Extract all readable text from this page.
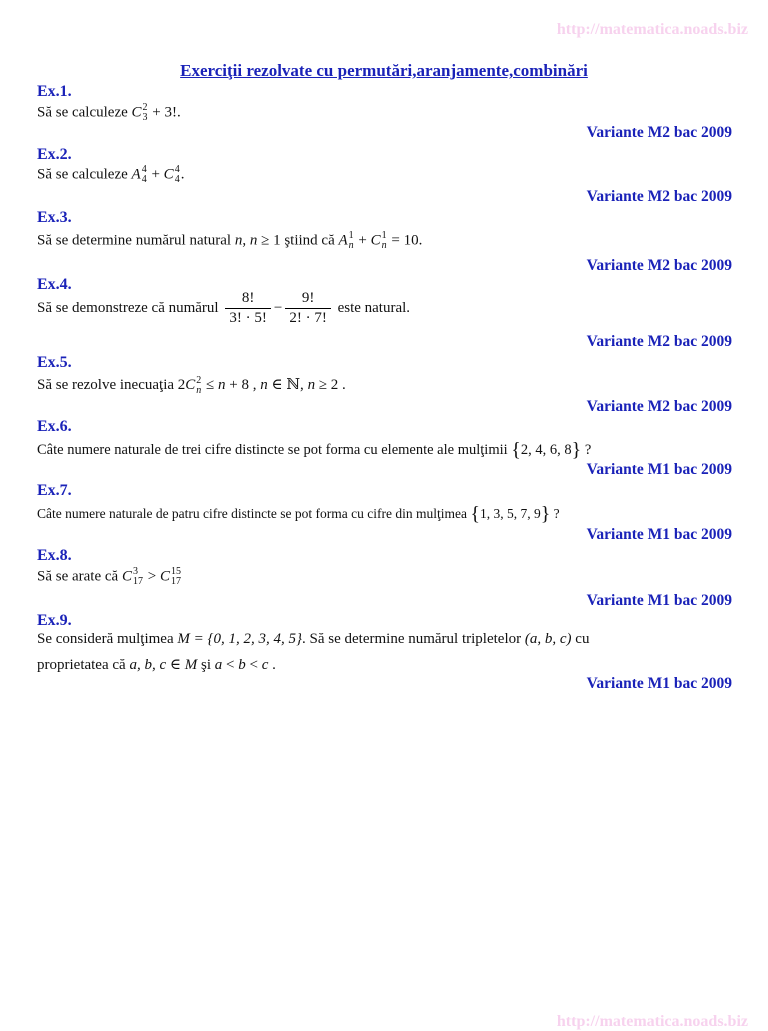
http://matematica.noads.biz
http://matematica.noads.biz
Exerciţii rezolvate cu permutări,aranjamente,combinări
Ex.1.
Să se calculeze C 2
3 + 3!.
Variante M2 bac 2009
Ex.2.
Să se calculeze A 4
4 + C 4
4 .
Variante M2 bac 2009
Ex.3.
Să se determine numărul natural n, n ≥ 1 ştiind că A 1
n + C 1
n = 10.
Variante M2 bac 2009
Ex.4.
Să se demonstreze că numărul $\frac{8!}{3! \cdot 5!} - \frac{9!}{2! \cdot 7!}$ este natural.
Variante M2 bac 2009
Ex.5.
Să se rezolve inecuaţia 2C 2
n ≤ n + 8 , n ∈ ℕ, n ≥ 2 .
Variante M2 bac 2009
Ex.6.
Câte numere naturale de trei cifre distincte se pot forma cu elemente ale mulţimii {2, 4, 6, 8} ?
Variante M1 bac 2009
Ex.7.
Câte numere naturale de patru cifre distincte se pot forma cu cifre din mulţimea {1, 3, 5, 7, 9} ?
Variante M1 bac 2009
Ex.8.
Să se arate că C 3
17 > C 15
17
Variante M1 bac 2009
Ex.9.
Se consideră mulţimea M = {0, 1, 2, 3, 4, 5}. Să se determine numărul tripletelor (a, b, c) cu
proprietatea că a, b, c ∈ M şi a < b < c .
Variante M1 bac 2009
